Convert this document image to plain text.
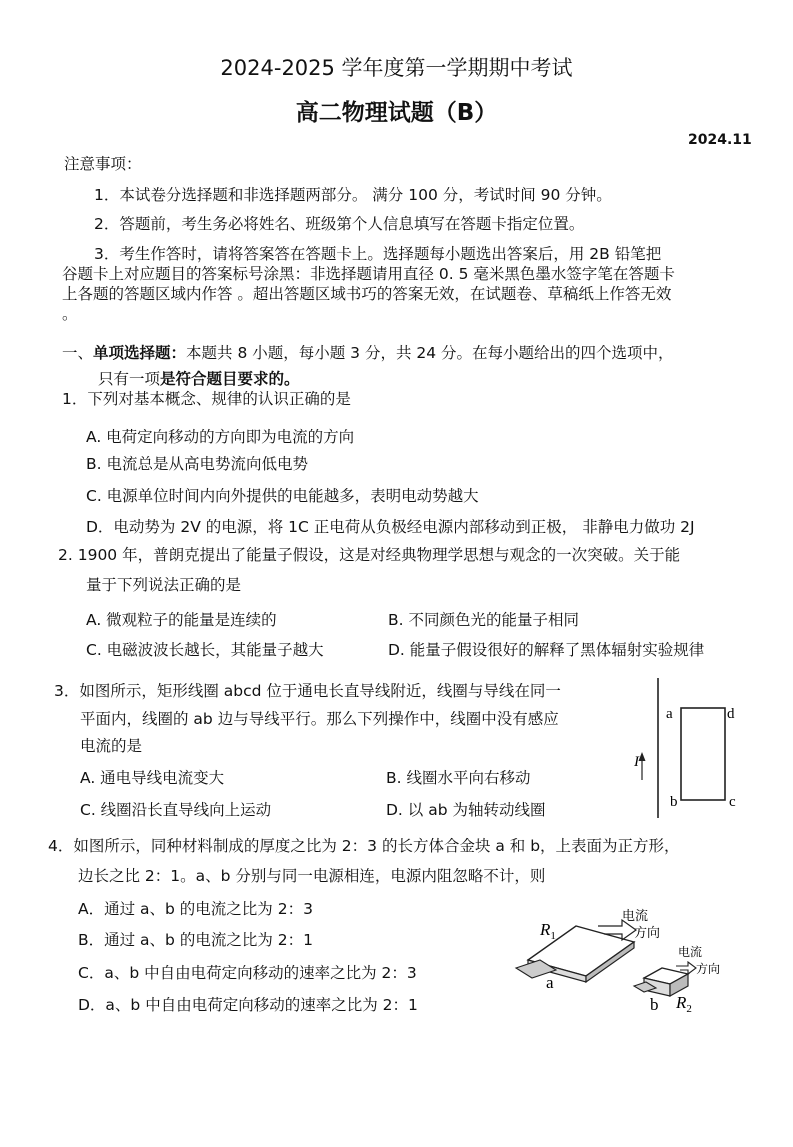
2024-2025 学年度第一学期期中考试
高二物理试题（B）
2024.11
注意事项：
1．本试卷分选择题和非选择题两部分。 满分 100 分，考试时间 90 分钟。
2．答题前，考生务必将姓名、班级第个人信息填写在答题卡指定位置。
3．考生作答时，请将答案答在答题卡上。选择题每小题选出答案后，用 2B 铅笔把
谷题卡上对应题目的答案标号涂黑：非选择题请用直径 0. 5 毫米黑色墨水签字笔在答题卡
上各题的答题区域内作答 。超出答题区域书巧的答案无效，在试题卷、草稿纸上作答无效
。
一、单项选择题：本题共 8 小题，每小题 3 分，共 24 分。在每小题给出的四个选项中，
只有一项是符合题目要求的。
1．下列对基本概念、规律的认识正确的是
A. 电荷定向移动的方向即为电流的方向
B. 电流总是从高电势流向低电势
C. 电源单位时间内向外提供的电能越多，表明电动势越大
D．电动势为 2V 的电源，将 1C 正电荷从负极经电源内部移动到正极， 非静电力做功 2J
2. 1900 年，普朗克提出了能量子假设，这是对经典物理学思想与观念的一次突破。关于能
量于下列说法正确的是
A. 微观粒子的能量是连续的	B. 不同颜色光的能量子相同
C. 电磁波波长越长，其能量子越大	D. 能量子假设很好的解释了黑体辐射实验规律
3．如图所示，矩形线圈 abcd 位于通电长直导线附近，线圈与导线在同一
平面内，线圈的 ab 边与导线平行。那么下列操作中，线圈中没有感应
电流的是
A. 通电导线电流变大	B. 线圈水平向右移动
C. 线圈沿长直导线向上运动	D. 以 ab 为轴转动线圈
I
a	d
b	c
4．如图所示，同种材料制成的厚度之比为 2：3 的长方体合金块 a 和 b，上表面为正方形，
边长之比 2：1。a、b 分别与同一电源相连，电源内阻忽略不计，则
A．通过 a、b 的电流之比为 2：3
B．通过 a、b 的电流之比为 2：1
C．a、b 中自由电荷定向移动的速率之比为 2：3
D．a、b 中自由电荷定向移动的速率之比为 2：1
电流
方向
$R_1$
a
电流
方向
$R_2$
b
